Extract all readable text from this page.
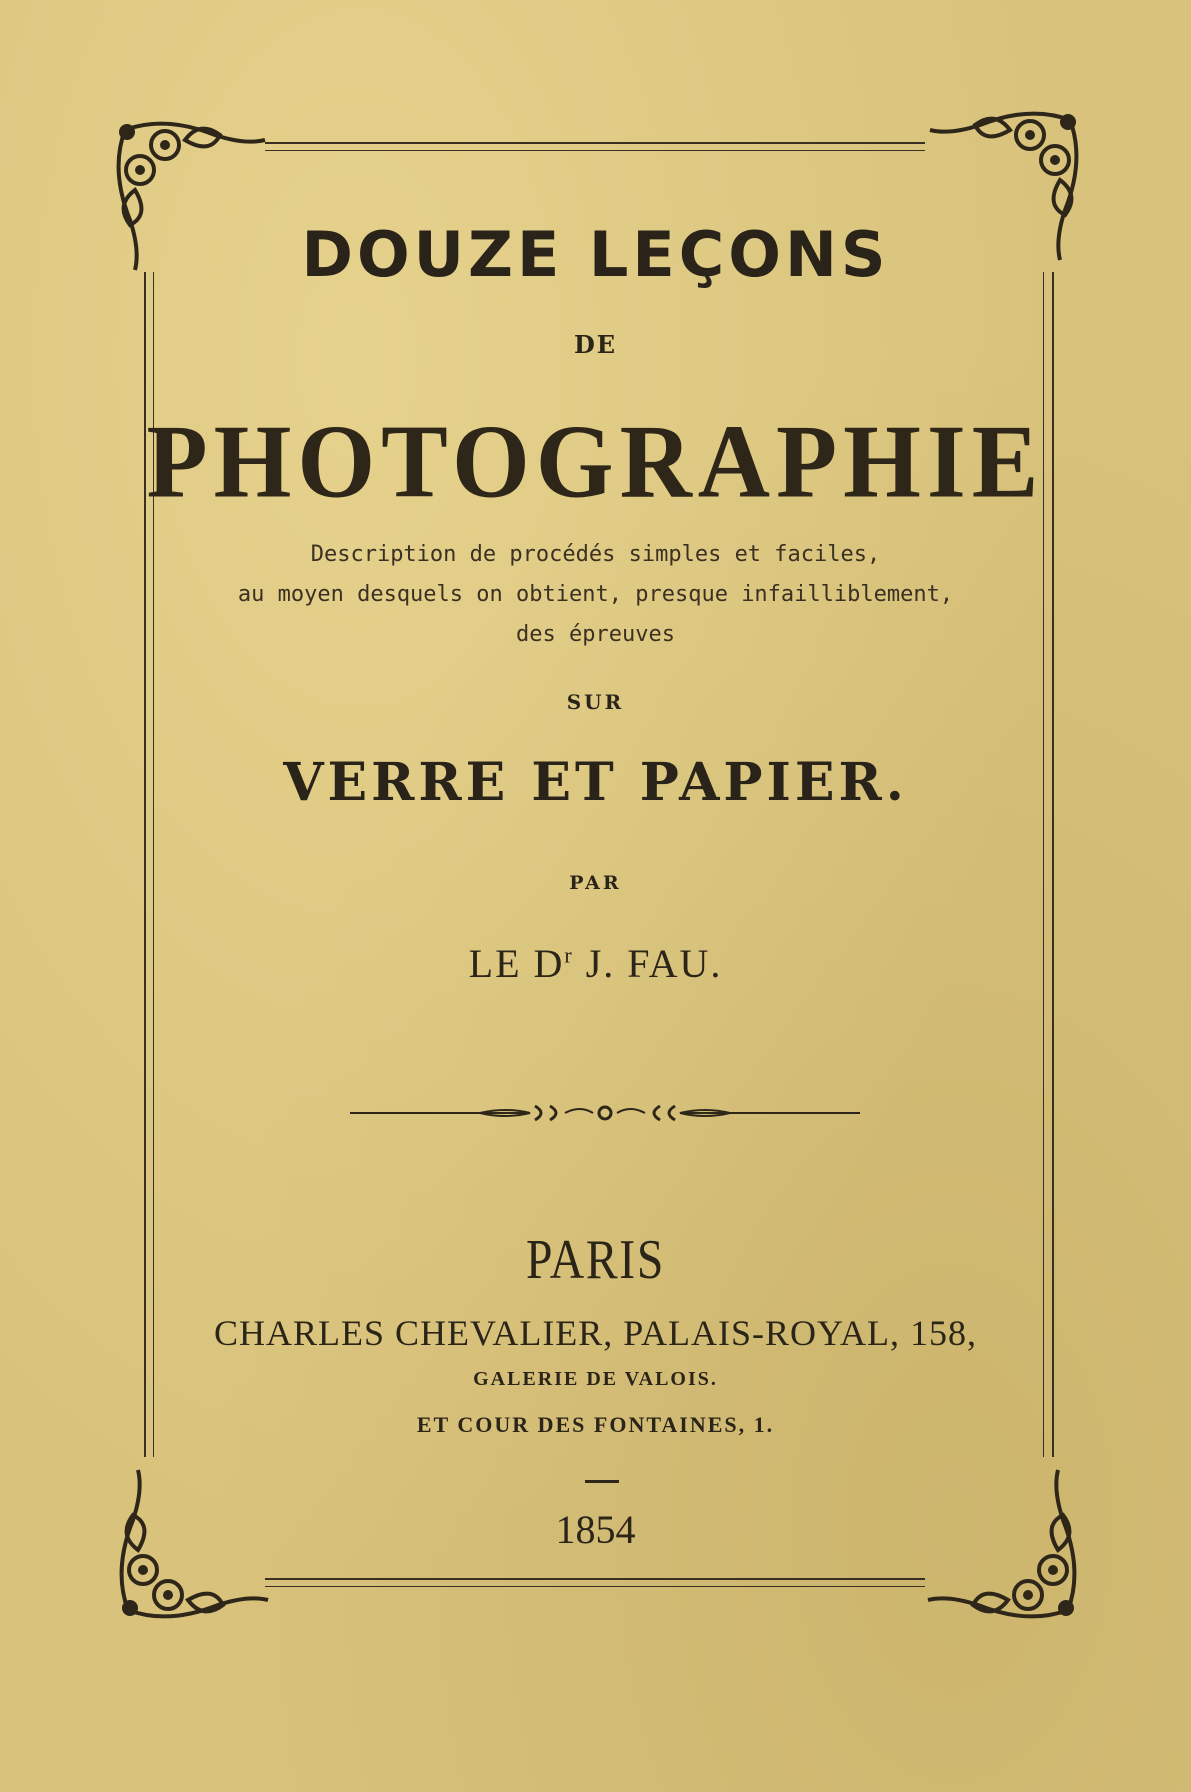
DOUZE LEÇONS
DE
PHOTOGRAPHIE
Description de procédés simples et faciles,
au moyen desquels on obtient, presque infailliblement,
des épreuves
SUR
VERRE ET PAPIER.
PAR
LE $D^r$ J. FAU.
PARIS
CHARLES CHEVALIER, PALAIS-ROYAL, 158,
GALERIE DE VALOIS.
ET COUR DES FONTAINES, 1.
1854
